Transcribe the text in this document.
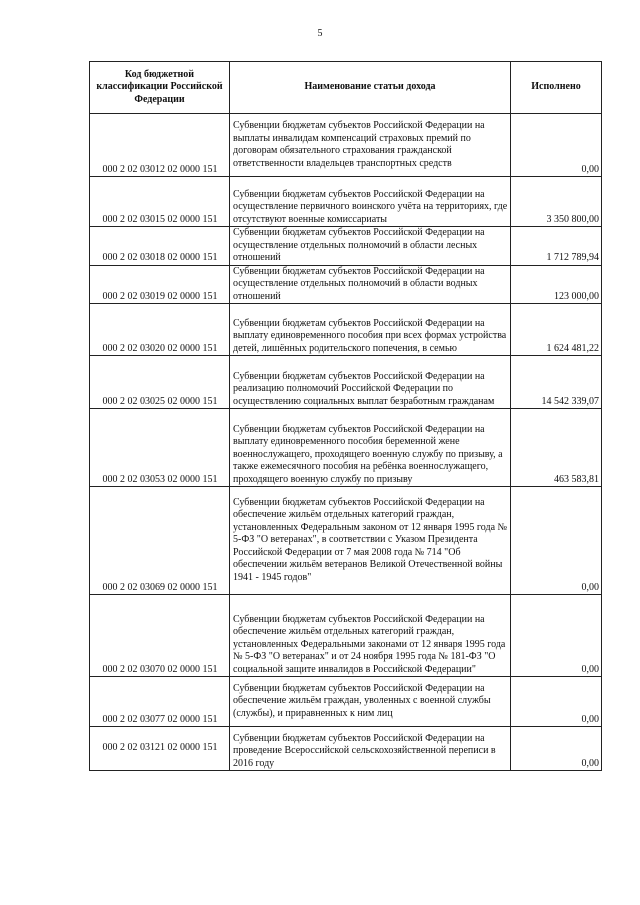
5
Код бюджетной классификации Российской Федерации	Наименование статьи дохода	Исполнено
000 2 02 03012 02 0000 151	Субвенции бюджетам субъектов Российской Федерации на выплаты инвалидам компенсаций страховых премий по договорам обязательного страхования гражданской ответственности владельцев транспортных средств	0,00
000 2 02 03015 02 0000 151	Субвенции бюджетам субъектов Российской Федерации на осуществление первичного воинского учёта на территориях, где отсутствуют военные комиссариаты	3 350 800,00
000 2 02 03018 02 0000 151	Субвенции бюджетам субъектов Российской Федерации на осуществление отдельных полномочий в области лесных отношений	1 712 789,94
000 2 02 03019 02 0000 151	Субвенции бюджетам субъектов Российской Федерации на осуществление отдельных полномочий в области водных отношений	123 000,00
000 2 02 03020 02 0000 151	Субвенции бюджетам субъектов Российской Федерации на выплату единовременного пособия при всех формах устройства детей, лишённых родительского попечения, в семью	1 624 481,22
000 2 02 03025 02 0000 151	Субвенции бюджетам субъектов Российской Федерации на реализацию полномочий Российской Федерации по осуществлению социальных выплат безработным гражданам	14 542 339,07
000 2 02 03053 02 0000 151	Субвенции бюджетам субъектов Российской Федерации на выплату единовременного пособия беременной жене военнослужащего, проходящего военную службу по призыву, а также ежемесячного пособия на ребёнка военнослужащего, проходящего военную службу по призыву	463 583,81
000 2 02 03069 02 0000 151	Субвенции бюджетам субъектов Российской Федерации на обеспечение жильём отдельных категорий граждан, установленных Федеральным законом от 12 января 1995 года № 5-ФЗ "О ветеранах", в соответствии с Указом Президента Российской Федерации от 7 мая 2008 года № 714 "Об обеспечении жильём ветеранов Великой Отечественной войны 1941 - 1945 годов"	0,00
000 2 02 03070 02 0000 151	Субвенции бюджетам субъектов Российской Федерации на обеспечение жильём отдельных категорий граждан, установленных Федеральными законами от 12 января 1995 года № 5-ФЗ "О ветеранах" и от 24 ноября 1995 года № 181-ФЗ "О социальной защите инвалидов в Российской Федерации"	0,00
000 2 02 03077 02 0000 151	Субвенции бюджетам субъектов Российской Федерации на обеспечение жильём граждан, уволенных с военной службы (службы), и приравненных к ним лиц	0,00
000 2 02 03121 02 0000 151	Субвенции бюджетам субъектов Российской Федерации на проведение Всероссийской сельскохозяйственной переписи в 2016 году	0,00
